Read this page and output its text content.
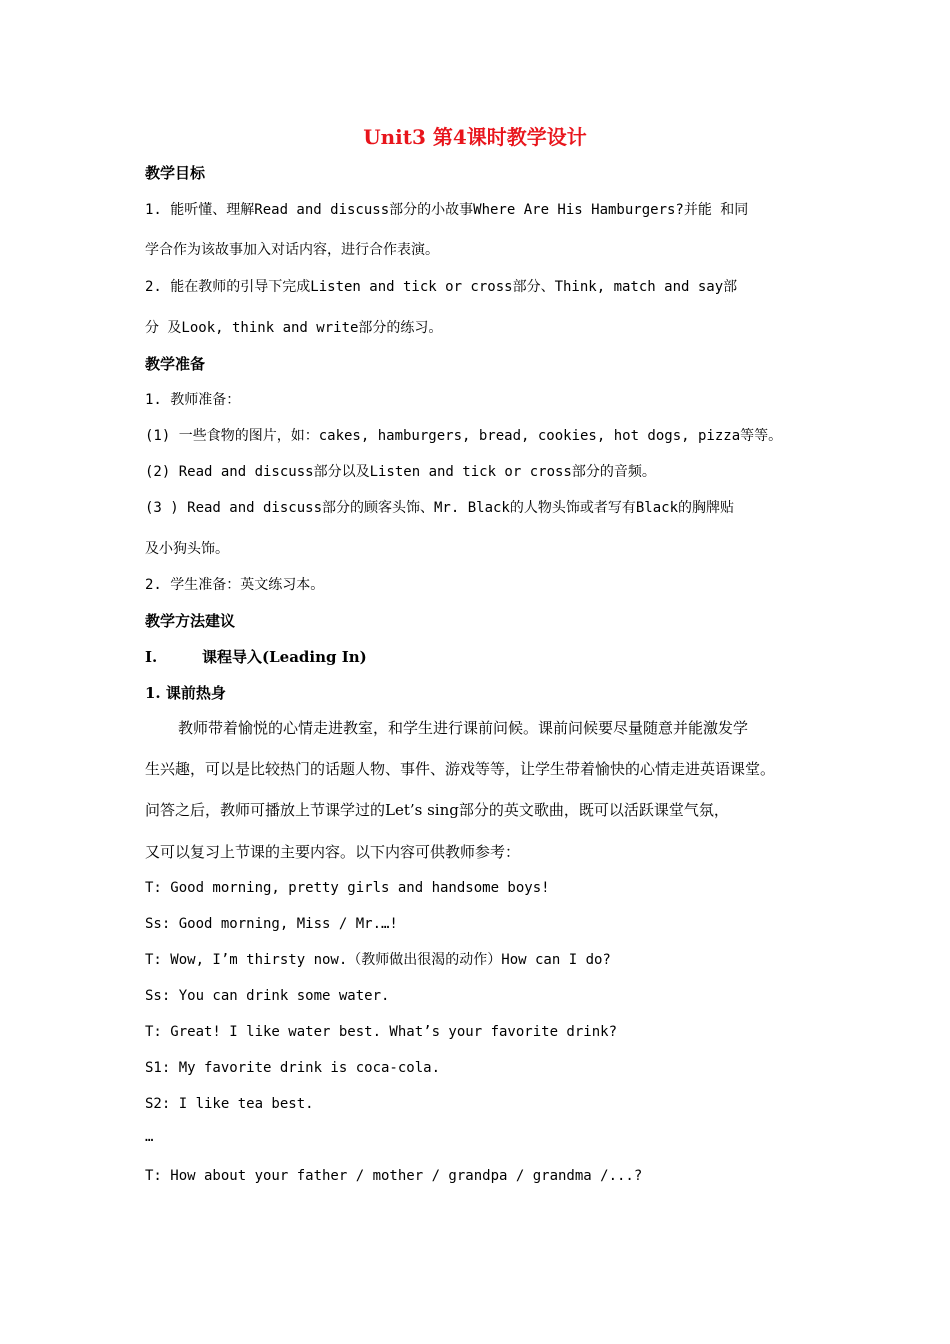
Unit3 第4课时教学设计
教学目标
1. 能听懂、理解Read and discuss部分的小故事Where Are His Hamburgers?并能 和同
学合作为该故事加入对话内容，进行合作表演。
2. 能在教师的引导下完成Listen and tick or cross部分、Think, match and say部
分 及Look, think and write部分的练习。
教学准备
1. 教师准备：
(1) 一些食物的图片，如：cakes, hamburgers, bread, cookies, hot dogs, pizza等等。
(2) Read and discuss部分以及Listen and tick or cross部分的音频。
(3 ) Read and discuss部分的顾客头饰、Mr. Black的人物头饰或者写有Black的胸牌贴
及小狗头饰。
2. 学生准备：英文练习本。
教学方法建议
I.	课程导入(Leading In)
1. 课前热身
教师带着愉悦的心情走进教室，和学生进行课前问候。课前问候要尽量随意并能激发学
生兴趣，可以是比较热门的话题人物、事件、游戏等等，让学生带着愉快的心情走进英语课堂。
问答之后，教师可播放上节课学过的Let’s sing部分的英文歌曲，既可以活跃课堂气氛，
又可以复习上节课的主要内容。以下内容可供教师参考：
T: Good morning, pretty girls and handsome boys!
Ss: Good morning, Miss / Mr.…!
T: Wow, I’m thirsty now.（教师做出很渴的动作）How can I do?
Ss: You can drink some water.
T: Great! I like water best. What’s your favorite drink?
S1: My favorite drink is coca-cola.
S2: I like tea best.
…
T: How about your father / mother / grandpa / grandma /...?
